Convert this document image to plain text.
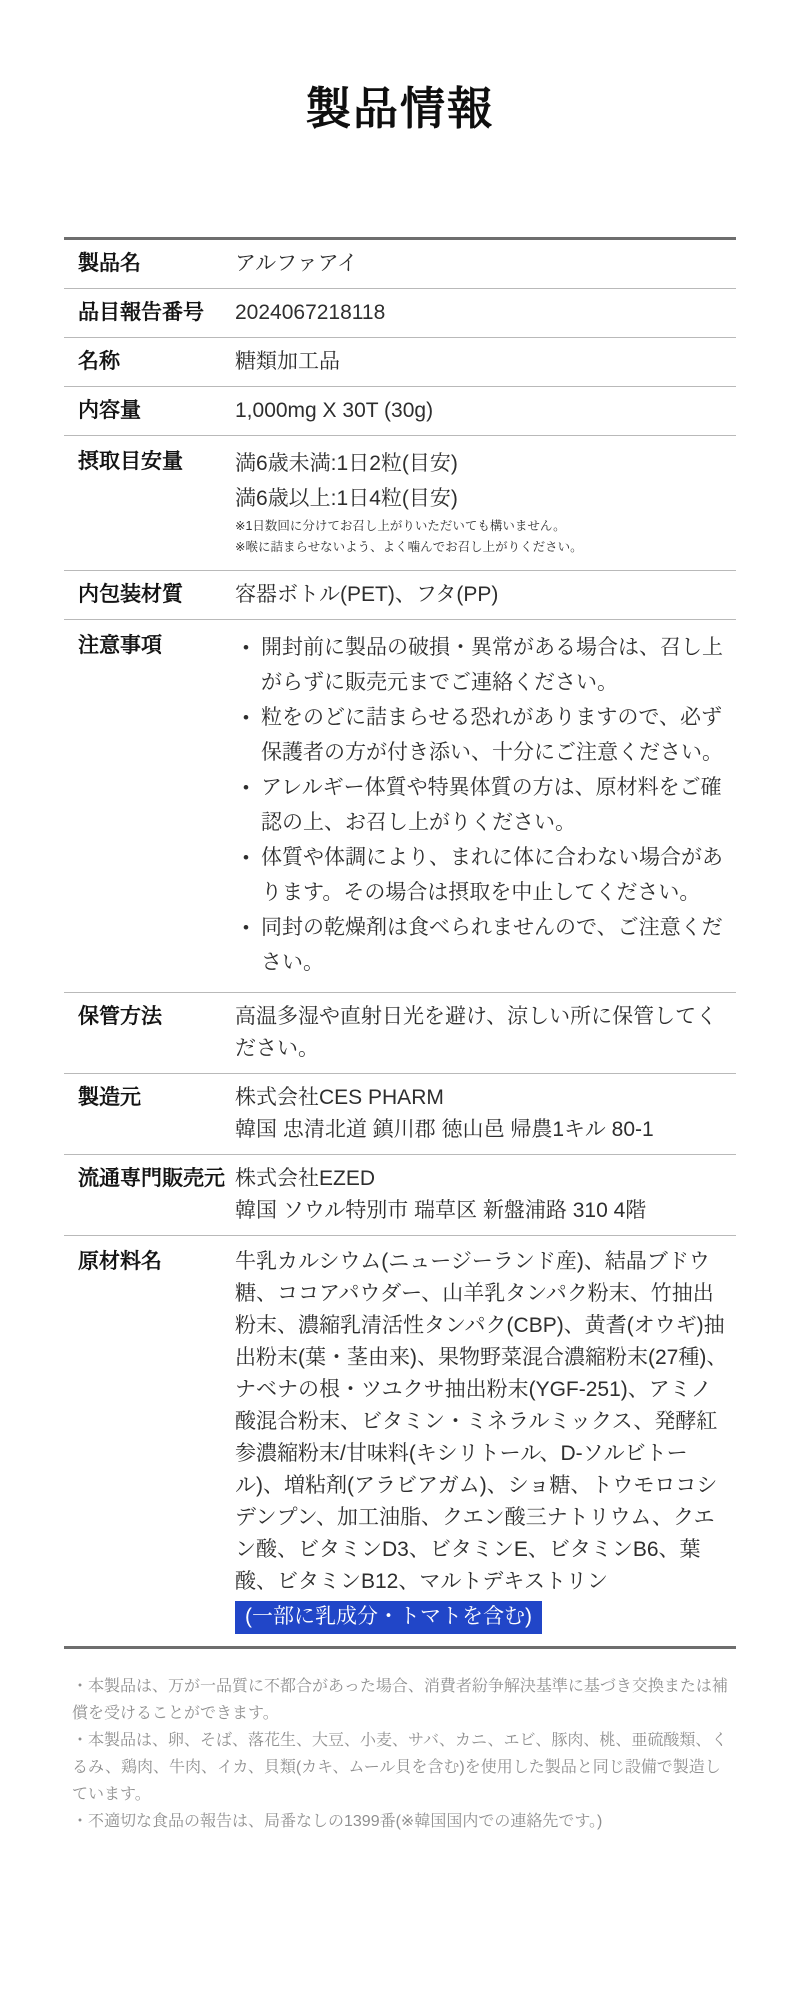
製品情報
製品名	アルファアイ
品目報告番号	2024067218118
名称	糖類加工品
内容量	1,000mg X 30T (30g)
摂取目安量	満6歳未満:1日2粒(目安)
満6歳以上:1日4粒(目安)
※1日数回に分けてお召し上がりいただいても構いません。
※喉に詰まらせないよう、よく噛んでお召し上がりください。
内包装材質	容器ボトル(PET)、フタ(PP)
注意事項	• 開封前に製品の破損・異常がある場合は、召し上がらずに販売元までご連絡ください。
• 粒をのどに詰まらせる恐れがありますので、必ず保護者の方が付き添い、十分にご注意ください。
• アレルギー体質や特異体質の方は、原材料をご確認の上、お召し上がりください。
• 体質や体調により、まれに体に合わない場合があります。その場合は摂取を中止してください。
• 同封の乾燥剤は食べられませんので、ご注意ください。
保管方法	高温多湿や直射日光を避け、涼しい所に保管してください。
製造元	株式会社CES PHARM
韓国 忠清北道 鎮川郡 徳山邑 帰農1キル 80-1
流通専門販売元 株式会社EZED
韓国 ソウル特別市 瑞草区 新盤浦路 310 4階
原材料名	牛乳カルシウム(ニュージーランド産)、結晶ブドウ糖、ココアパウダー、山羊乳タンパク粉末、竹抽出粉末、濃縮乳清活性タンパク(CBP)、黄耆(オウギ)抽出粉末(葉・茎由来)、果物野菜混合濃縮粉末(27種)、ナベナの根・ツユクサ抽出粉末(YGF-251)、アミノ酸混合粉末、ビタミン・ミネラルミックス、発酵紅参濃縮粉末/甘味料(キシリトール、D-ソルビトール)、増粘剤(アラビアガム)、ショ糖、トウモロコシデンプン、加工油脂、クエン酸三ナトリウム、クエン酸、ビタミンD3、ビタミンE、ビタミンB6、葉酸、ビタミンB12、マルトデキストリン
(一部に乳成分・トマトを含む)

・本製品は、万が一品質に不都合があった場合、消費者紛争解決基準に基づき交換または補償を受けることができます。

・本製品は、卵、そば、落花生、大豆、小麦、サバ、カニ、エビ、豚肉、桃、亜硫酸類、くるみ、鶏肉、牛肉、イカ、貝類(カキ、ムール貝を含む)を使用した製品と同じ設備で製造しています。

・不適切な食品の報告は、局番なしの1399番(※韓国国内での連絡先です。)
